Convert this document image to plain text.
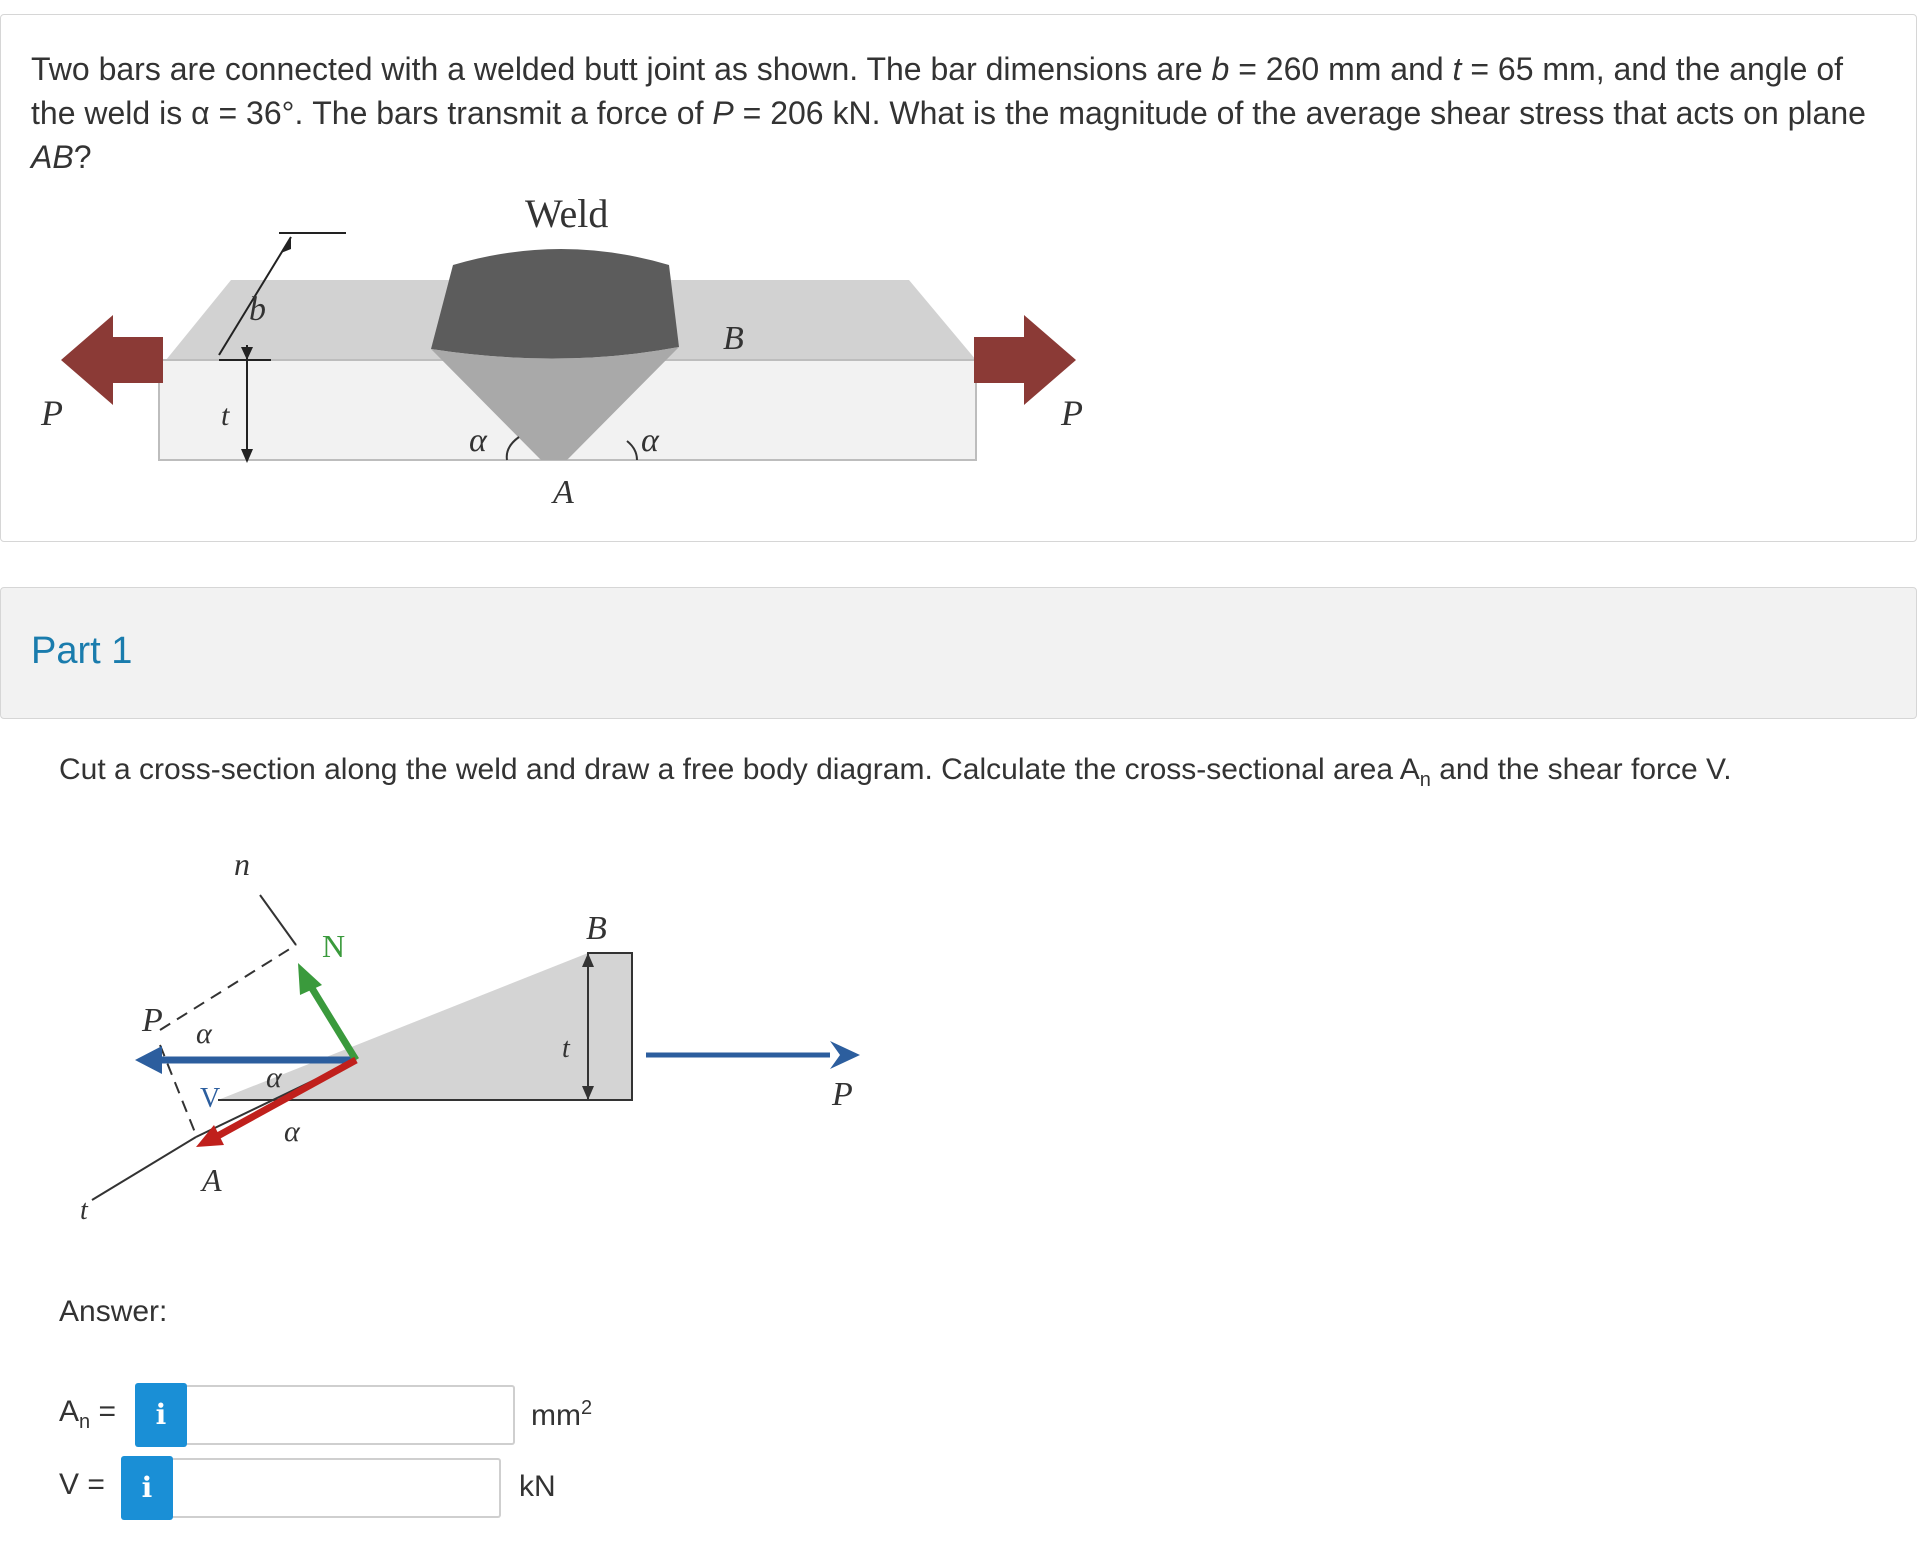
Two bars are connected with a welded butt joint as shown. The bar dimensions are b = 260 mm and t = 65 mm, and the angle of the weld is α = 36°. The bars transmit a force of P = 206 kN. What is the magnitude of the average shear stress that acts on plane AB?
Weld
b
t
P	P
α	α
A
B
Part 1
Cut a cross-section along the weld and draw a free body diagram. Calculate the cross-sectional area $A_n$ and the shear force V.
n
N	B
P α
α
α
V
t
A
t
P
Answer:
$A_n$ =	i	$mm^2$
V =	i	kN
